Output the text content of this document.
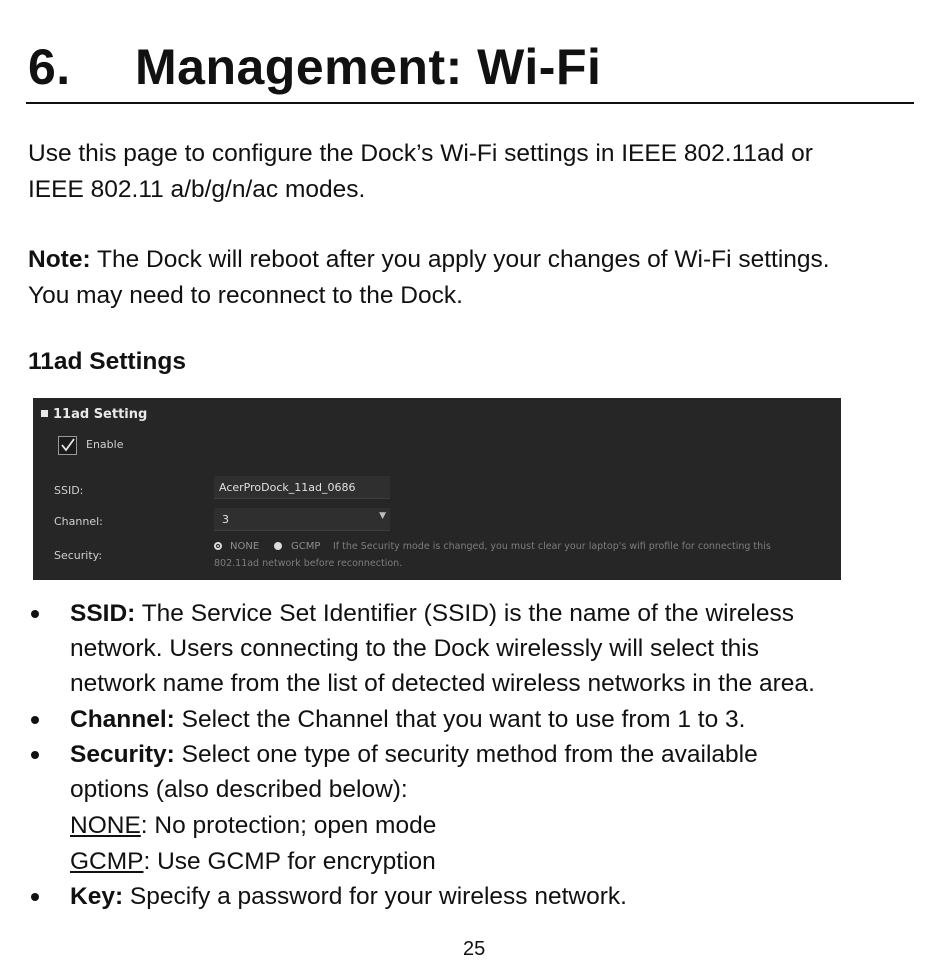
6. Management: Wi-Fi
Use this page to configure the Dock’s Wi-Fi settings in IEEE 802.11ad or
IEEE 802.11 a/b/g/n/ac modes.
Note: The Dock will reboot after you apply your changes of Wi-Fi settings.
You may need to reconnect to the Dock.
11ad Settings
11ad Setting
Enable
SSID:	AcerProDock_11ad_0686
Channel:	3	▼
Security:
NONE	GCMP If the Security mode is changed, you must clear your laptop's wifi profile for connecting this
802.11ad network before reconnection.
SSID: The Service Set Identifier (SSID) is the name of the wireless
network. Users connecting to the Dock wirelessly will select this
network name from the list of detected wireless networks in the area.
Channel: Select the Channel that you want to use from 1 to 3.
Security: Select one type of security method from the available
options (also described below):
NONE: No protection; open mode
GCMP: Use GCMP for encryption
Key: Specify a password for your wireless network.
25
